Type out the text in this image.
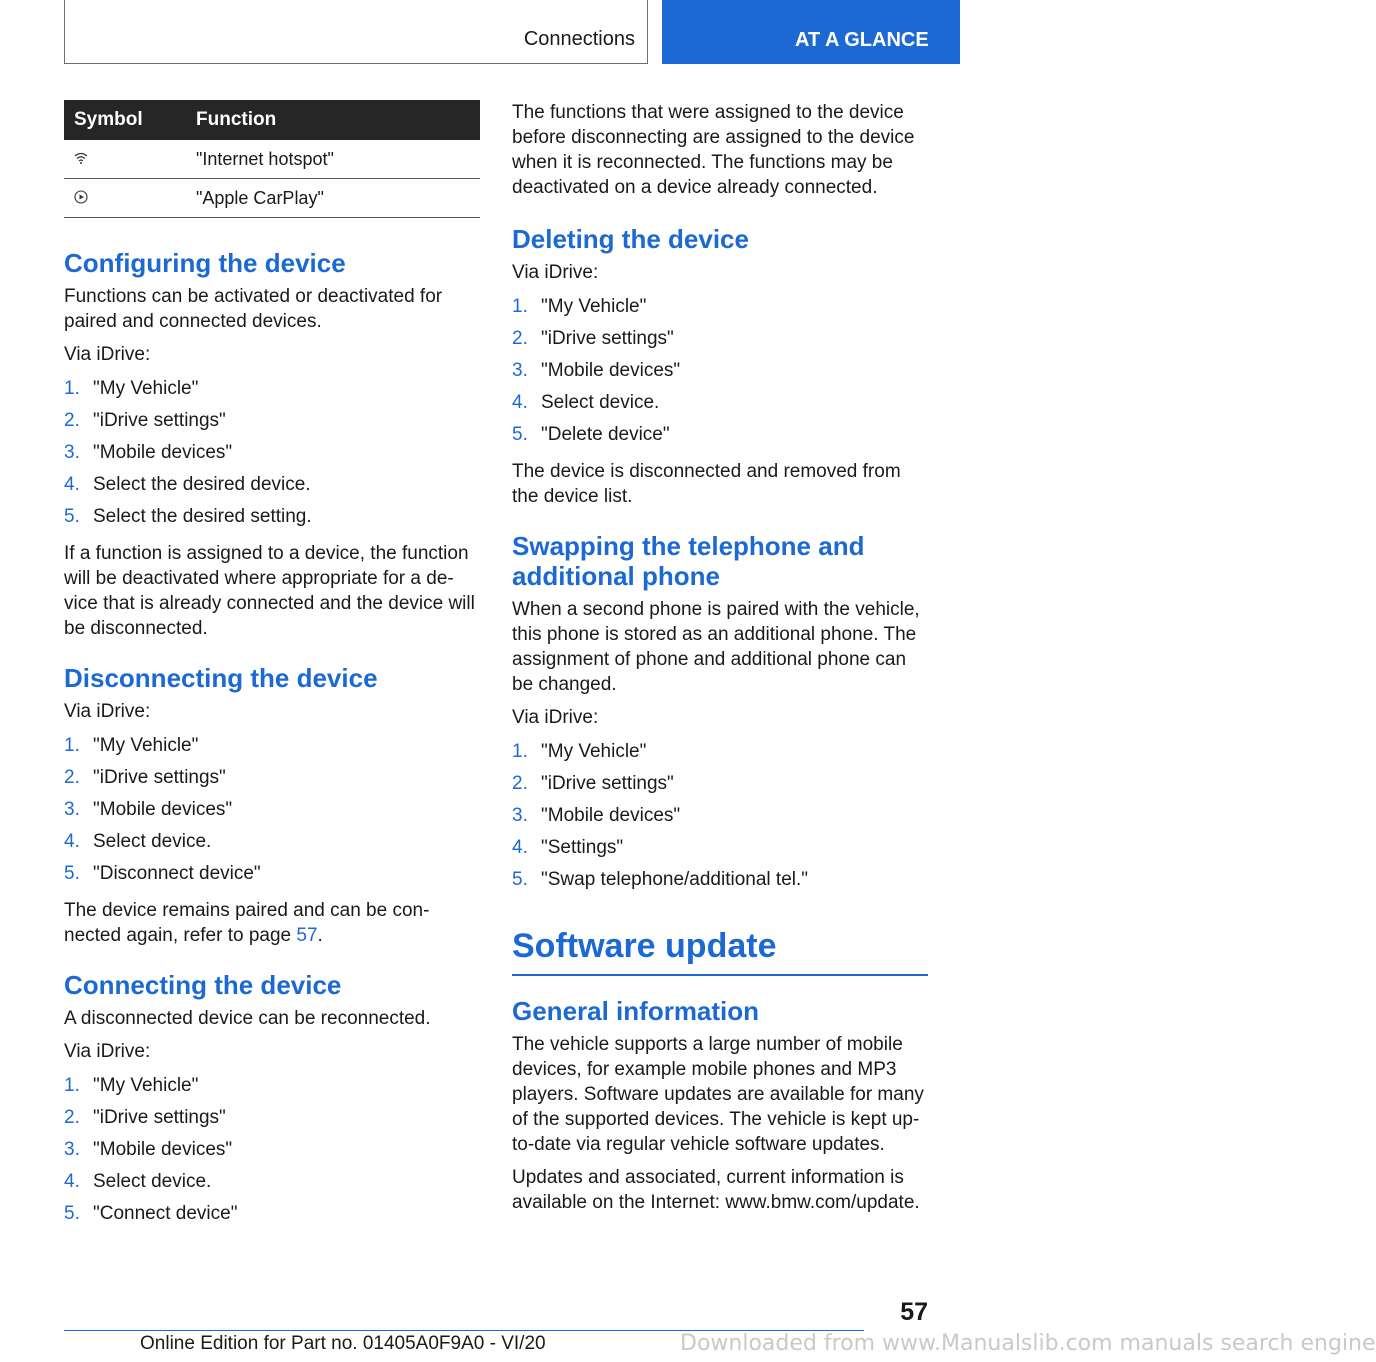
Connections	AT A GLANCE
Symbol	Function

	"Internet hotspot"

	"Apple CarPlay"
Configuring the device

Functions can be activated or deactivated for paired and connected devices.

Via iDrive:

1. "My Vehicle"
2. "iDrive settings"
3. "Mobile devices"
4. Select the desired device.
5. Select the desired setting.

If a function is assigned to a device, the function will be deactivated where appropriate for a device that is already connected and the device will be disconnected.

Disconnecting the device

Via iDrive:

1. "My Vehicle"
2. "iDrive settings"
3. "Mobile devices"
4. Select device.
5. "Disconnect device"

The device remains paired and can be connected again, refer to page 57.

Connecting the device

A disconnected device can be reconnected.

Via iDrive:

1. "My Vehicle"
2. "iDrive settings"
3. "Mobile devices"
4. Select device.
5. "Connect device"

The functions that were assigned to the device before disconnecting are assigned to the device when it is reconnected. The functions may be deactivated on a device already connected.

Deleting the device

Via iDrive:

1. "My Vehicle"
2. "iDrive settings"
3. "Mobile devices"
4. Select device.
5. "Delete device"

The device is disconnected and removed from the device list.

Swapping the telephone and additional phone

When a second phone is paired with the vehicle, this phone is stored as an additional phone. The assignment of phone and additional phone can be changed.

Via iDrive:

1. "My Vehicle"
2. "iDrive settings"
3. "Mobile devices"
4. "Settings"
5. "Swap telephone/additional tel."
Software update
General information

The vehicle supports a large number of mobile devices, for example mobile phones and MP3 players. Software updates are available for many of the supported devices. The vehicle is kept upto-date via regular vehicle software updates.

Updates and associated, current information is available on the Internet: www.bmw.com/update.

57
Online Edition for Part no. 01405A0F9A0 - VI/20	Downloaded from www.Manualslib.com manuals search engine
